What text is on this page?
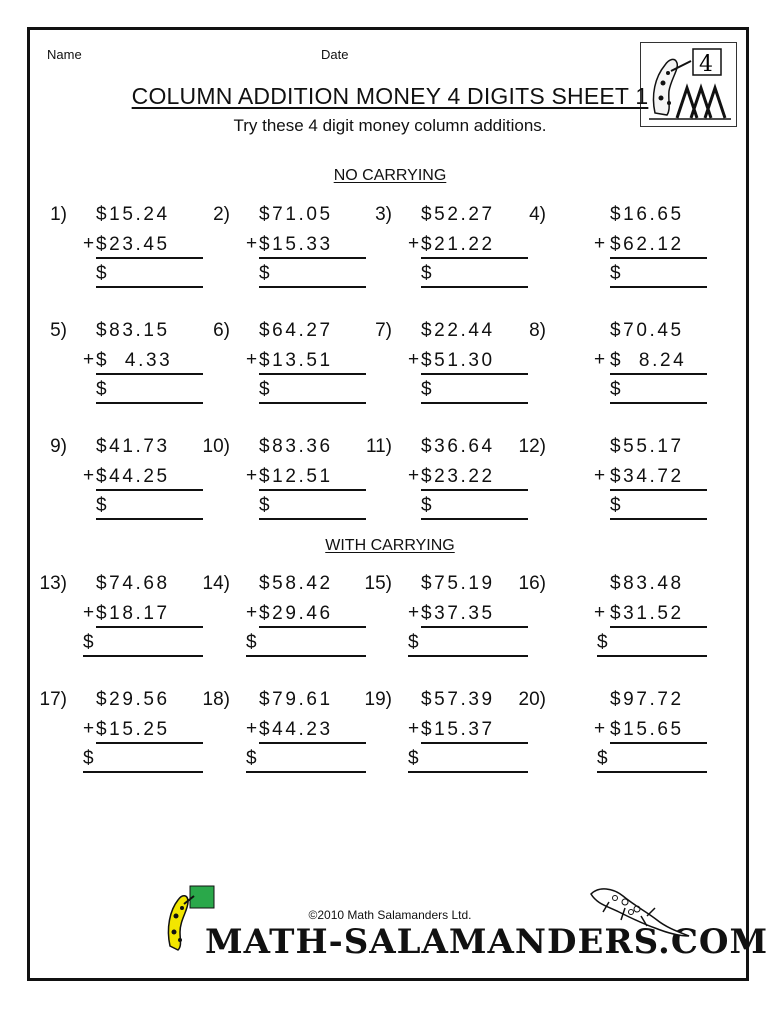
Name	Date	4
COLUMN ADDITION MONEY 4 DIGITS SHEET 1
Try these 4 digit money column additions.
NO CARRYING
WITH CARRYING
1) $15.24
+ $23.45
$
2) $71.05
+ $15.33
$
3) $52.27
+ $21.22
$
4)	$16.65
+ $62.12
$
5) $83.15
+ $  4.33
$
6) $64.27
+ $13.51
$
7) $22.44
+ $51.30
$
8)	$70.45
+ $  8.24
$
9) $41.73
+ $44.25
$
10) $83.36
+ $12.51
$
11) $36.64
+ $23.22
$
12)	$55.17
+ $34.72
$
13) $74.68
+ $18.17
$
14) $58.42
+ $29.46
$
15) $75.19
+ $37.35
$
16)	$83.48
+ $31.52
$
17) $29.56
+ $15.25
$
18) $79.61
+ $44.23
$
19) $57.39
+ $15.37
$
20)	$97.72
+ $15.65
$
©2010 Math Salamanders Ltd.
MATH-SALAMANDERS.COM
